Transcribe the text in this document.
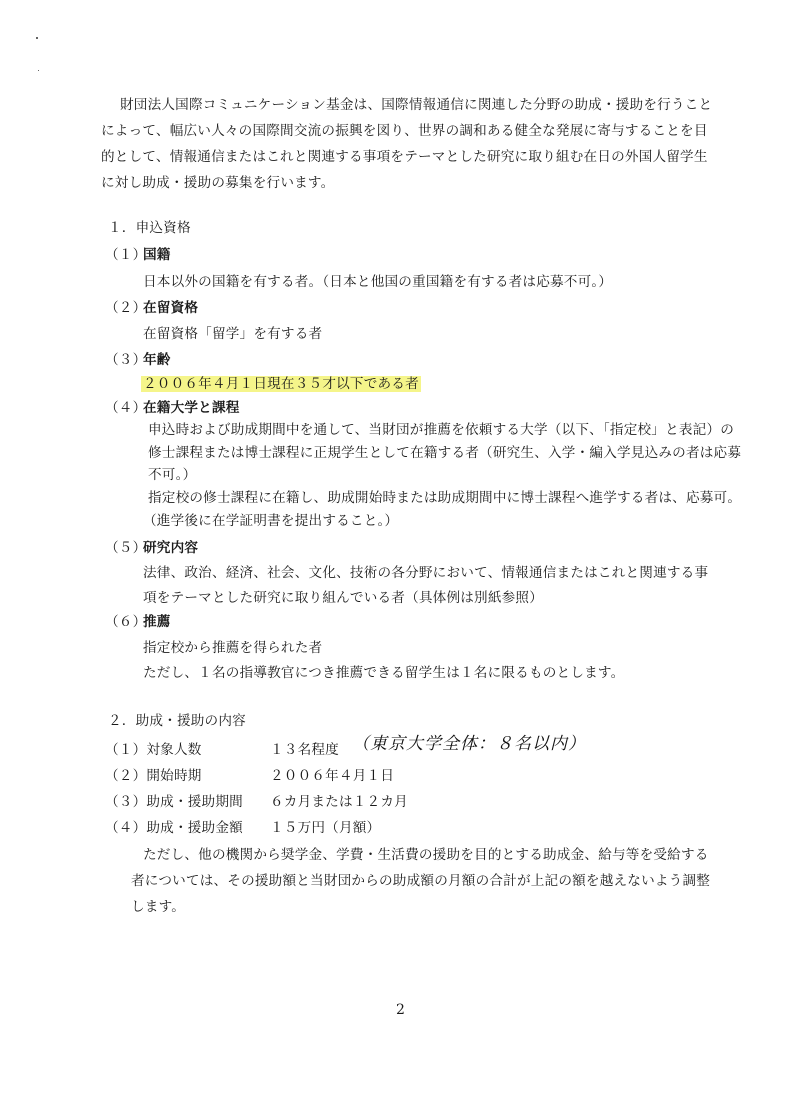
財団法人国際コミュニケーション基金は、国際情報通信に関連した分野の助成・援助を行うこと
によって、幅広い人々の国際間交流の振興を図り、世界の調和ある健全な発展に寄与することを目
的として、情報通信またはこれと関連する事項をテーマとした研究に取り組む在日の外国人留学生
に対し助成・援助の募集を行います。
１．申込資格
（１）
国籍
日本以外の国籍を有する者。（日本と他国の重国籍を有する者は応募不可。）
（２）
在留資格
在留資格「留学」を有する者
（３）
年齢
２００６年４月１日現在３５才以下である者
（４）
在籍大学と課程
申込時および助成期間中を通して、当財団が推薦を依頼する大学（以下、「指定校」と表記）の
修士課程または博士課程に正規学生として在籍する者（研究生、入学・編入学見込みの者は応募
不可。）
指定校の修士課程に在籍し、助成開始時または助成期間中に博士課程へ進学する者は、応募可。
（進学後に在学証明書を提出すること。）
（５）
研究内容
法律、政治、経済、社会、文化、技術の各分野において、情報通信またはこれと関連する事
項をテーマとした研究に取り組んでいる者（具体例は別紙参照）
（６）
推薦
指定校から推薦を得られた者
ただし、１名の指導教官につき推薦できる留学生は１名に限るものとします。
２．助成・援助の内容
（１）対象人数	１３名程度 （東京大学全体：８名以内）
（２）開始時期	２００６年４月１日
（３）助成・援助期間 ６カ月または１２カ月
（４）助成・援助金額 １５万円（月額）
ただし、他の機関から奨学金、学費・生活費の援助を目的とする助成金、給与等を受給する
者については、その援助額と当財団からの助成額の月額の合計が上記の額を越えないよう調整
します。
2
